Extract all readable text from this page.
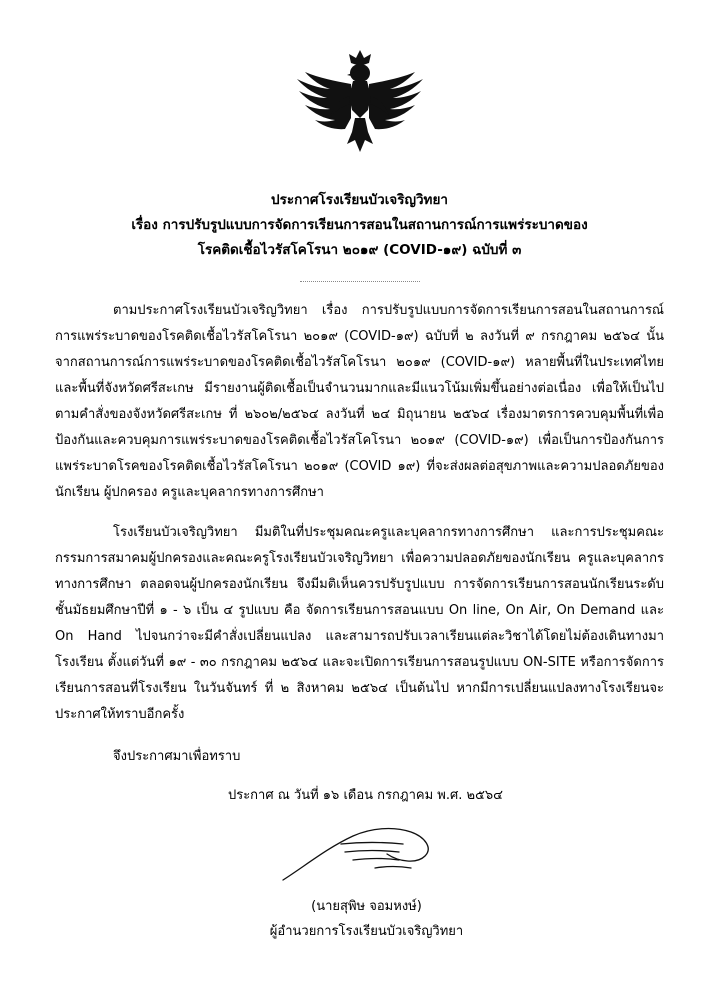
ประกาศโรงเรียนบัวเจริญวิทยา
เรื่อง การปรับรูปแบบการจัดการเรียนการสอนในสถานการณ์การแพร่ระบาดของ
โรคติดเชื้อไวรัสโคโรนา ๒๐๑๙ (COVID-๑๙) ฉบับที่ ๓

ตามประกาศโรงเรียนบัวเจริญวิทยา เรื่อง การปรับรูปแบบการจัดการเรียนการสอนในสถานการณ์การแพร่ระบาดของโรคติดเชื้อไวรัสโคโรนา ๒๐๑๙ (COVID-๑๙) ฉบับที่ ๒ ลงวันที่ ๙ กรกฎาคม ๒๕๖๔ นั้น จากสถานการณ์การแพร่ระบาดของโรคติดเชื้อไวรัสโคโรนา ๒๐๑๙ (COVID-๑๙) หลายพื้นที่ในประเทศไทยและพื้นที่จังหวัดศรีสะเกษ มีรายงานผู้ติดเชื้อเป็นจำนวนมากและมีแนวโน้มเพิ่มขึ้นอย่างต่อเนื่อง เพื่อให้เป็นไปตามคำสั่งของจังหวัดศรีสะเกษ ที่ ๒๖๐๒/๒๕๖๔ ลงวันที่ ๒๔ มิถุนายน ๒๕๖๔ เรื่องมาตรการควบคุมพื้นที่เพื่อป้องกันและควบคุมการแพร่ระบาดของโรคติดเชื้อไวรัสโคโรนา ๒๐๑๙ (COVID-๑๙) เพื่อเป็นการป้องกันการแพร่ระบาดโรคของโรคติดเชื้อไวรัสโคโรนา ๒๐๑๙ (COVID ๑๙) ที่จะส่งผลต่อสุขภาพและความปลอดภัยของนักเรียน ผู้ปกครอง ครูและบุคลากรทางการศึกษา

โรงเรียนบัวเจริญวิทยา มีมติในที่ประชุมคณะครูและบุคลากรทางการศึกษา และการประชุมคณะกรรมการสมาคมผู้ปกครองและคณะครูโรงเรียนบัวเจริญวิทยา เพื่อความปลอดภัยของนักเรียน ครูและบุคลากรทางการศึกษา ตลอดจนผู้ปกครองนักเรียน จึงมีมติเห็นควรปรับรูปแบบ การจัดการเรียนการสอนนักเรียนระดับชั้นมัธยมศึกษาปีที่ ๑ - ๖ เป็น ๔ รูปแบบ คือ จัดการเรียนการสอนแบบ On line, On Air, On Demand และ On Hand ไปจนกว่าจะมีคำสั่งเปลี่ยนแปลง และสามารถปรับเวลาเรียนแต่ละวิชาได้โดยไม่ต้องเดินทางมาโรงเรียน ตั้งแต่วันที่ ๑๙ - ๓๐ กรกฎาคม ๒๕๖๔ และจะเปิดการเรียนการสอนรูปแบบ ON-SITE หรือการจัดการเรียนการสอนที่โรงเรียน ในวันจันทร์ ที่ ๒ สิงหาคม ๒๕๖๔ เป็นต้นไป หากมีการเปลี่ยนแปลงทางโรงเรียนจะประกาศให้ทราบอีกครั้ง

จึงประกาศมาเพื่อทราบ
ประกาศ ณ วันที่ ๑๖ เดือน กรกฎาคม พ.ศ. ๒๕๖๔
(นายสุพิษ จอมหงษ์)
ผู้อำนวยการโรงเรียนบัวเจริญวิทยา
